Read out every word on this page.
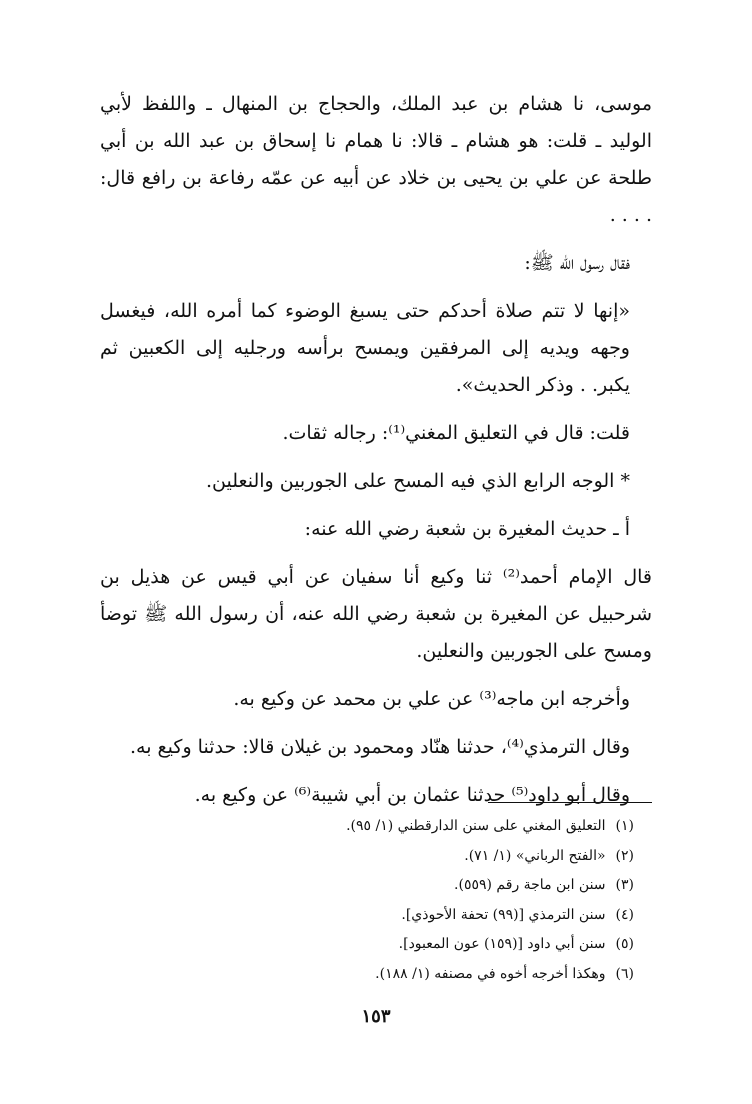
موسى، نا هشام بن عبد الملك، والحجاج بن المنهال ـ واللفظ لأبي الوليد ـ قلت: هو هشام ـ قالا: نا همام نا إسحاق بن عبد الله بن أبي طلحة عن علي بن يحيى بن خلاد عن أبيه عن عمّه رفاعة بن رافع قال: . . . .

فقال رسول الله ﷺ:

«إنها لا تتم صلاة أحدكم حتى يسبغ الوضوء كما أمره الله، فيغسل وجهه ويديه إلى المرفقين ويمسح برأسه ورجليه إلى الكعبين ثم يكبر. . وذكر الحديث».

قلت: قال في التعليق المغني⁽¹⁾: رجاله ثقات.

* الوجه الرابع الذي فيه المسح على الجوربين والنعلين.

أ ـ حديث المغيرة بن شعبة رضي الله عنه:

قال الإمام أحمد⁽²⁾ ثنا وكيع أنا سفيان عن أبي قيس عن هذيل بن شرحبيل عن المغيرة بن شعبة رضي الله عنه، أن رسول الله ﷺ توضأ ومسح على الجوربين والنعلين.

وأخرجه ابن ماجه⁽³⁾ عن علي بن محمد عن وكيع به.

وقال الترمذي⁽⁴⁾، حدثنا هنّاد ومحمود بن غيلان قالا: حدثنا وكيع به.

وقال أبو داود⁽⁵⁾ حدثنا عثمان بن أبي شيبة⁽⁶⁾ عن وكيع به.

(١)التعليق المغني على سنن الدارقطني (١/ ٩٥).

(٢)«الفتح الرباني» (١/ ٧١).

(٣)سنن ابن ماجة رقم (٥٥٩).

(٤)سنن الترمذي [(٩٩) تحفة الأحوذي].

(٥)سنن أبي داود [(١٥٩) عون المعبود].

(٦)وهكذا أخرجه أخوه في مصنفه (١/ ١٨٨).

١٥٣
